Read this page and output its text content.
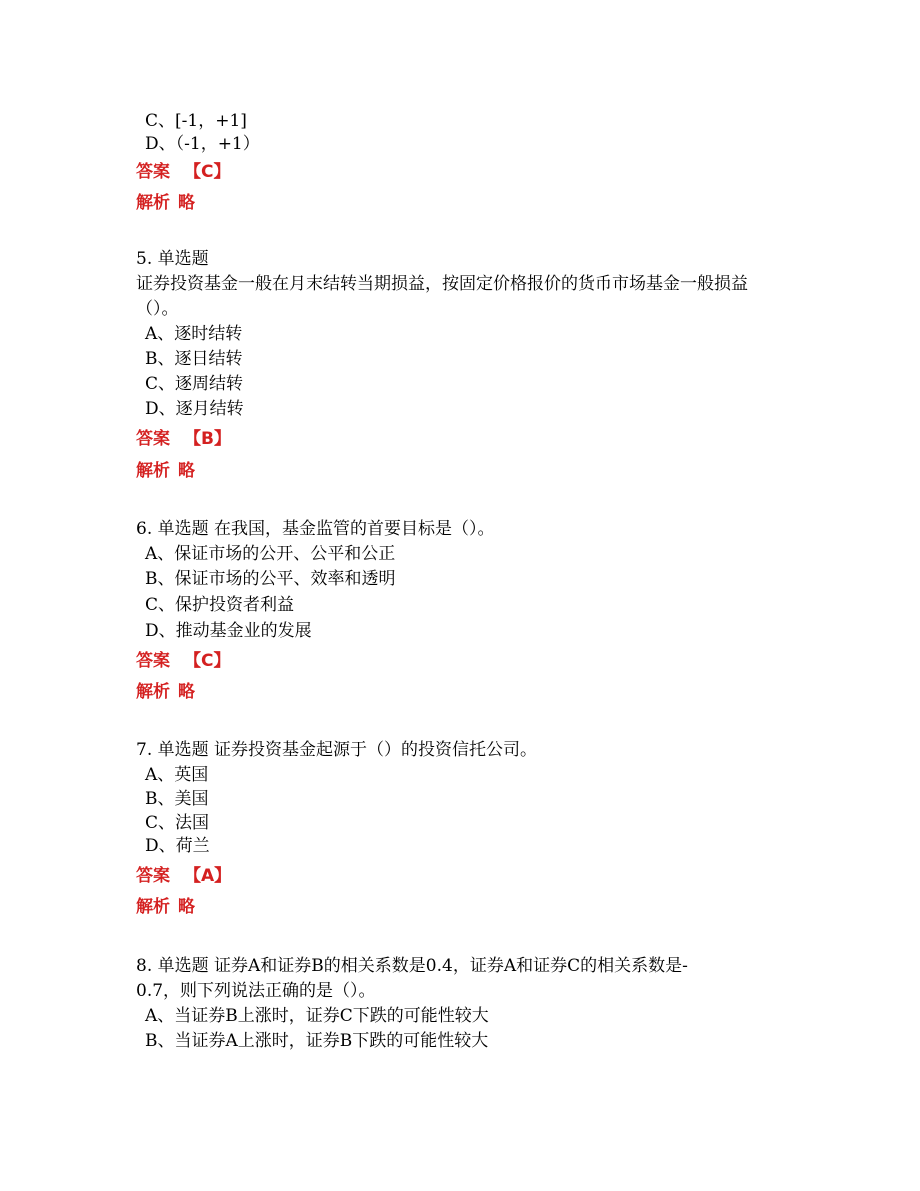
C、[-1，+1]
D、（-1，+1）
答案 【C】
解析 略
5. 单选题
证券投资基金一般在月末结转当期损益，按固定价格报价的货币市场基金一般损益
（）。
A、逐时结转
B、逐日结转
C、逐周结转
D、逐月结转
答案 【B】
解析 略
6. 单选题 在我国，基金监管的首要目标是（）。
A、保证市场的公开、公平和公正
B、保证市场的公平、效率和透明
C、保护投资者利益
D、推动基金业的发展
答案 【C】
解析 略
7. 单选题 证券投资基金起源于（）的投资信托公司。
A、英国
B、美国
C、法国
D、荷兰
答案 【A】
解析 略
8. 单选题 证券A和证券B的相关系数是0.4，证券A和证券C的相关系数是-
0.7，则下列说法正确的是（）。
A、当证券B上涨时，证券C下跌的可能性较大
B、当证券A上涨时，证券B下跌的可能性较大
